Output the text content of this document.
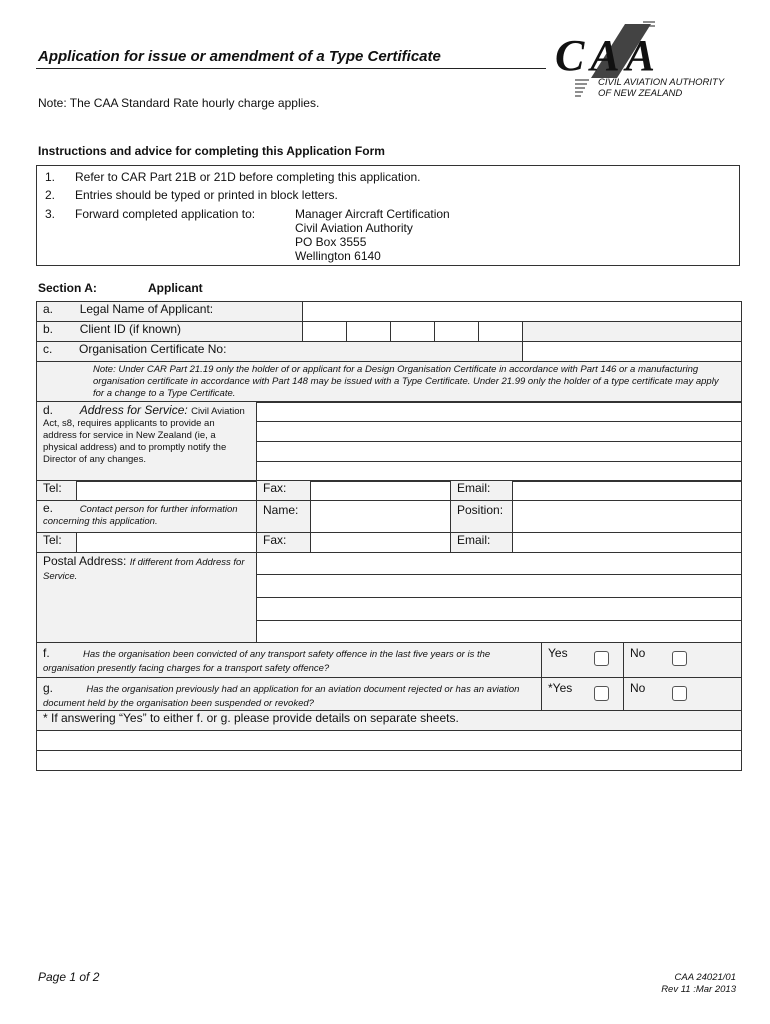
Application for issue or amendment of a Type Certificate	CAA
CIVIL AVIATION AUTHORITY
OF NEW ZEALAND
Note: The CAA Standard Rate hourly charge applies.
Instructions and advice for completing this Application Form
1. Refer to CAR Part 21B or 21D before completing this application.
2. Entries should be typed or printed in block letters.
3. Forward completed application to:	Manager Aircraft Certification
Civil Aviation Authority
PO Box 3555
Wellington 6140
Section A:	Applicant
a. Legal Name of Applicant:						
b. Client ID (if known)						
c. Organisation Certificate No:						
Note: Under CAR Part 21.19 only the holder of or applicant for a Design Organisation Certificate in accordance with Part 146 or a manufacturing organisation certificate in accordance with Part 148 may be issued with a Type Certificate. Under 21.99 only the holder of a type certificate may apply for a change to a Type Certificate.						
d. Address for Service: Civil Aviation Act, s8, requires applicants to provide an address for service in New Zealand (ie, a physical address) and to promptly notify the Director of any changes.	

Tel:		Fax:		Email:	
e. Contact person for further information concerning this application.		Name:		Position:	
Tel:		Fax:		Email:	
Postal Address: If different from Address for Service.	

f. Has the organisation been convicted of any transport safety offence in the last five years or is the organisation presently facing charges for a transport safety offence?	Yes	No

g. Has the organisation previously had an application for an aviation document rejected or has an aviation document held by the organisation been suspended or revoked?	*Yes	No

* If answering “Yes” to either f. or g. please provide details on separate sheets.		

Page 1 of 2	CAA 24021/01
Rev 11 :Mar 2013
